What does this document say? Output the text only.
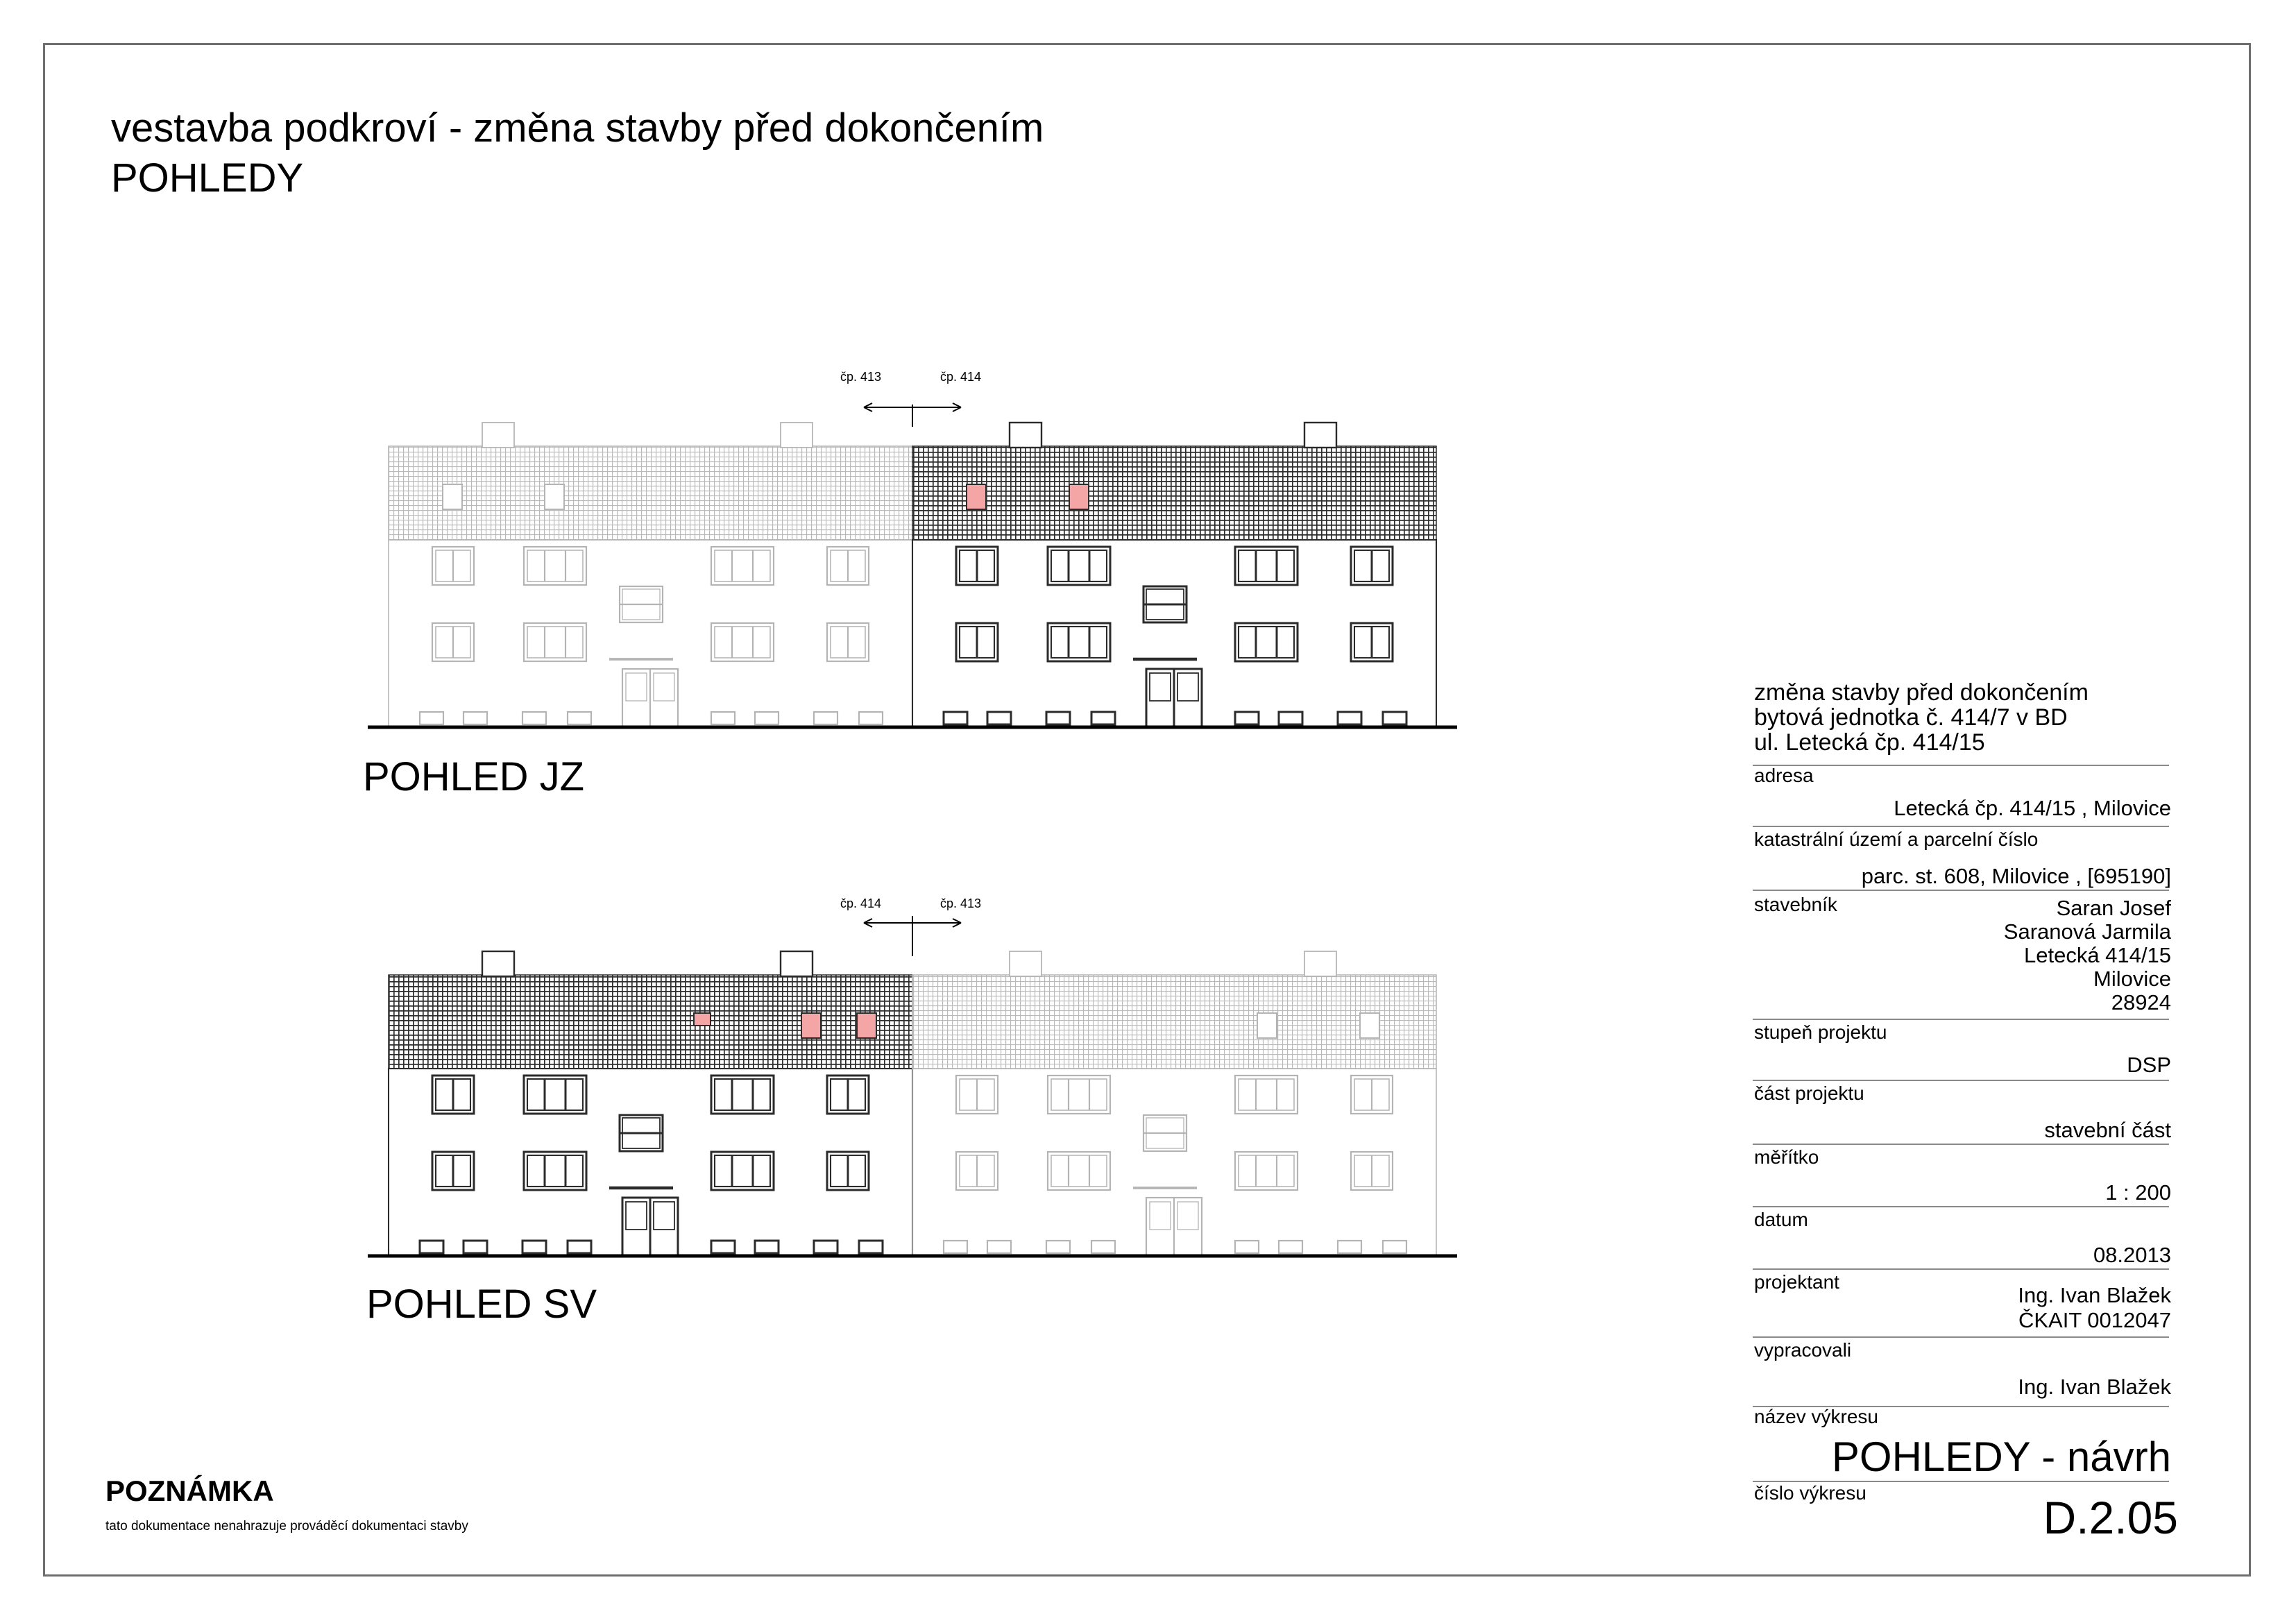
vestavba podkroví - změna stavby před dokončením
POHLEDY
čp. 413	čp. 414
čp. 414	čp. 413
POHLED JZ
POHLED SV
POZNÁMKA
tato dokumentace nenahrazuje prováděcí dokumentaci stavby
změna stavby před dokončením
bytová jednotka č. 414/7 v BD
ul. Letecká čp. 414/15
adresa
Letecká čp. 414/15 , Milovice
katastrální území a parcelní číslo
parc. st. 608, Milovice , [695190]
stavebník	Saran Josef
Saranová Jarmila
Letecká 414/15
Milovice
28924
stupeň projektu
DSP
část projektu
stavební část
měřítko
1 : 200
datum
08.2013
projektant
Ing. Ivan Blažek
ČKAIT 0012047
vypracovali
Ing. Ivan Blažek
název výkresu
POHLEDY - návrh
číslo výkresu	D.2.05
